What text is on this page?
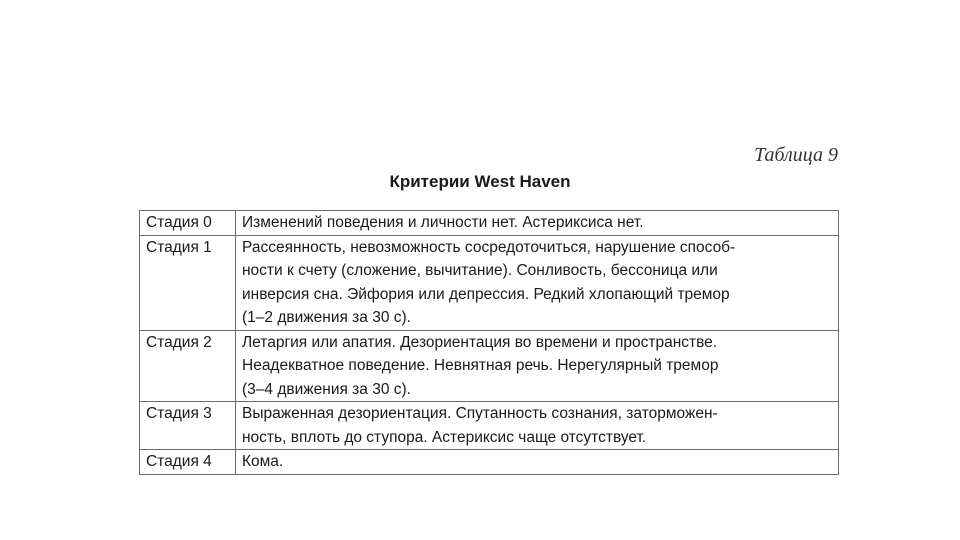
Таблица 9
Критерии West Haven
Стадия 0	Изменений поведения и личности нет. Астериксиса нет.

Стадия 1	Рассеянность, невозможность сосредоточиться, нарушение способ-
ности к счету (сложение, вычитание). Сонливость, бессоница или
инверсия сна. Эйфория или депрессия. Редкий хлопающий тремор
(1–2 движения за 30 с).

Стадия 2	Летаргия или апатия. Дезориентация во времени и пространстве.
Неадекватное поведение. Невнятная речь. Нерегулярный тремор
(3–4 движения за 30 с).

Стадия 3	Выраженная дезориентация. Спутанность сознания, заторможен-
ность, вплоть до ступора. Астериксис чаще отсутствует.

Стадия 4	Кома.
